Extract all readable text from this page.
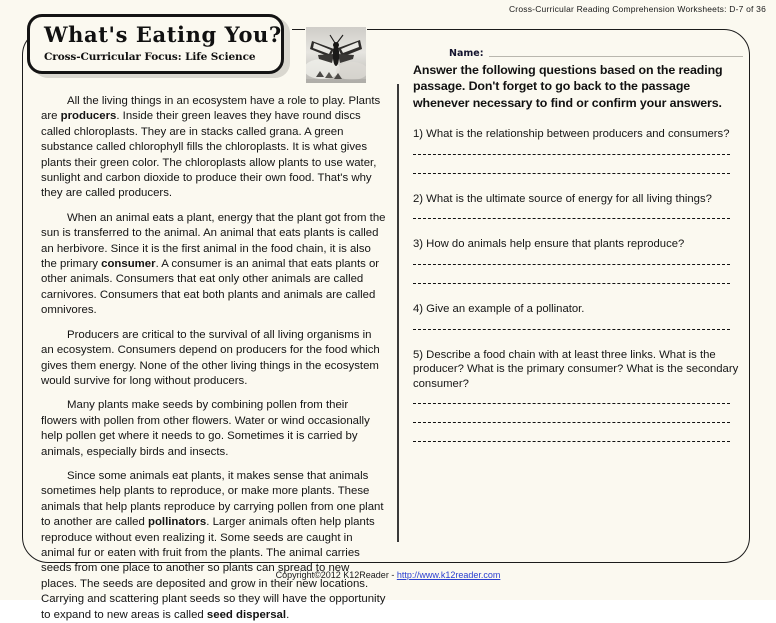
Cross-Curricular Reading Comprehension Worksheets: D-7 of 36
What's Eating You?
Cross-Curricular Focus: Life Science

All the living things in an ecosystem have a role to play. Plants are producers. Inside their green leaves they have round discs called chloroplasts. They are in stacks called grana. A green substance called chlorophyll fills the chloroplasts. It is what gives plants their green color. The chloroplasts allow plants to use water, sunlight and carbon dioxide to produce their own food. That's why they are called producers.

When an animal eats a plant, energy that the plant got from the sun is transferred to the animal. An animal that eats plants is called an herbivore. Since it is the first animal in the food chain, it is also the primary consumer. A consumer is an animal that eats plants or other animals. Consumers that eat only other animals are called carnivores. Consumers that eat both plants and animals are called omnivores.

Producers are critical to the survival of all living organisms in an ecosystem. Consumers depend on producers for the food which gives them energy. None of the other living things in the ecosystem would survive for long without producers.

Many plants make seeds by combining pollen from their flowers with pollen from other flowers. Water or wind occasionally help pollen get where it needs to go. Sometimes it is carried by animals, especially birds and insects.

Since some animals eat plants, it makes sense that animals sometimes help plants to reproduce, or make more plants. These animals that help plants reproduce by carrying pollen from one plant to another are called pollinators. Larger animals often help plants reproduce without even realizing it. Some seeds are caught in animal fur or eaten with fruit from the plants. The animal carries seeds from one place to another so plants can spread to new places. The seeds are deposited and grow in their new locations. Carrying and scattering plant seeds so they will have the opportunity to expand to new areas is called seed dispersal.

Name:
Answer the following questions based on the reading passage. Don't forget to go back to the passage whenever necessary to find or confirm your answers.
1) What is the relationship between producers and consumers?
2) What is the ultimate source of energy for all living things?
3) How do animals help ensure that plants reproduce?
4) Give an example of a pollinator.
5) Describe a food chain with at least three links. What is the producer? What is the primary consumer? What is the secondary consumer?
Copyright©2012 K12Reader - http://www.k12reader.com
